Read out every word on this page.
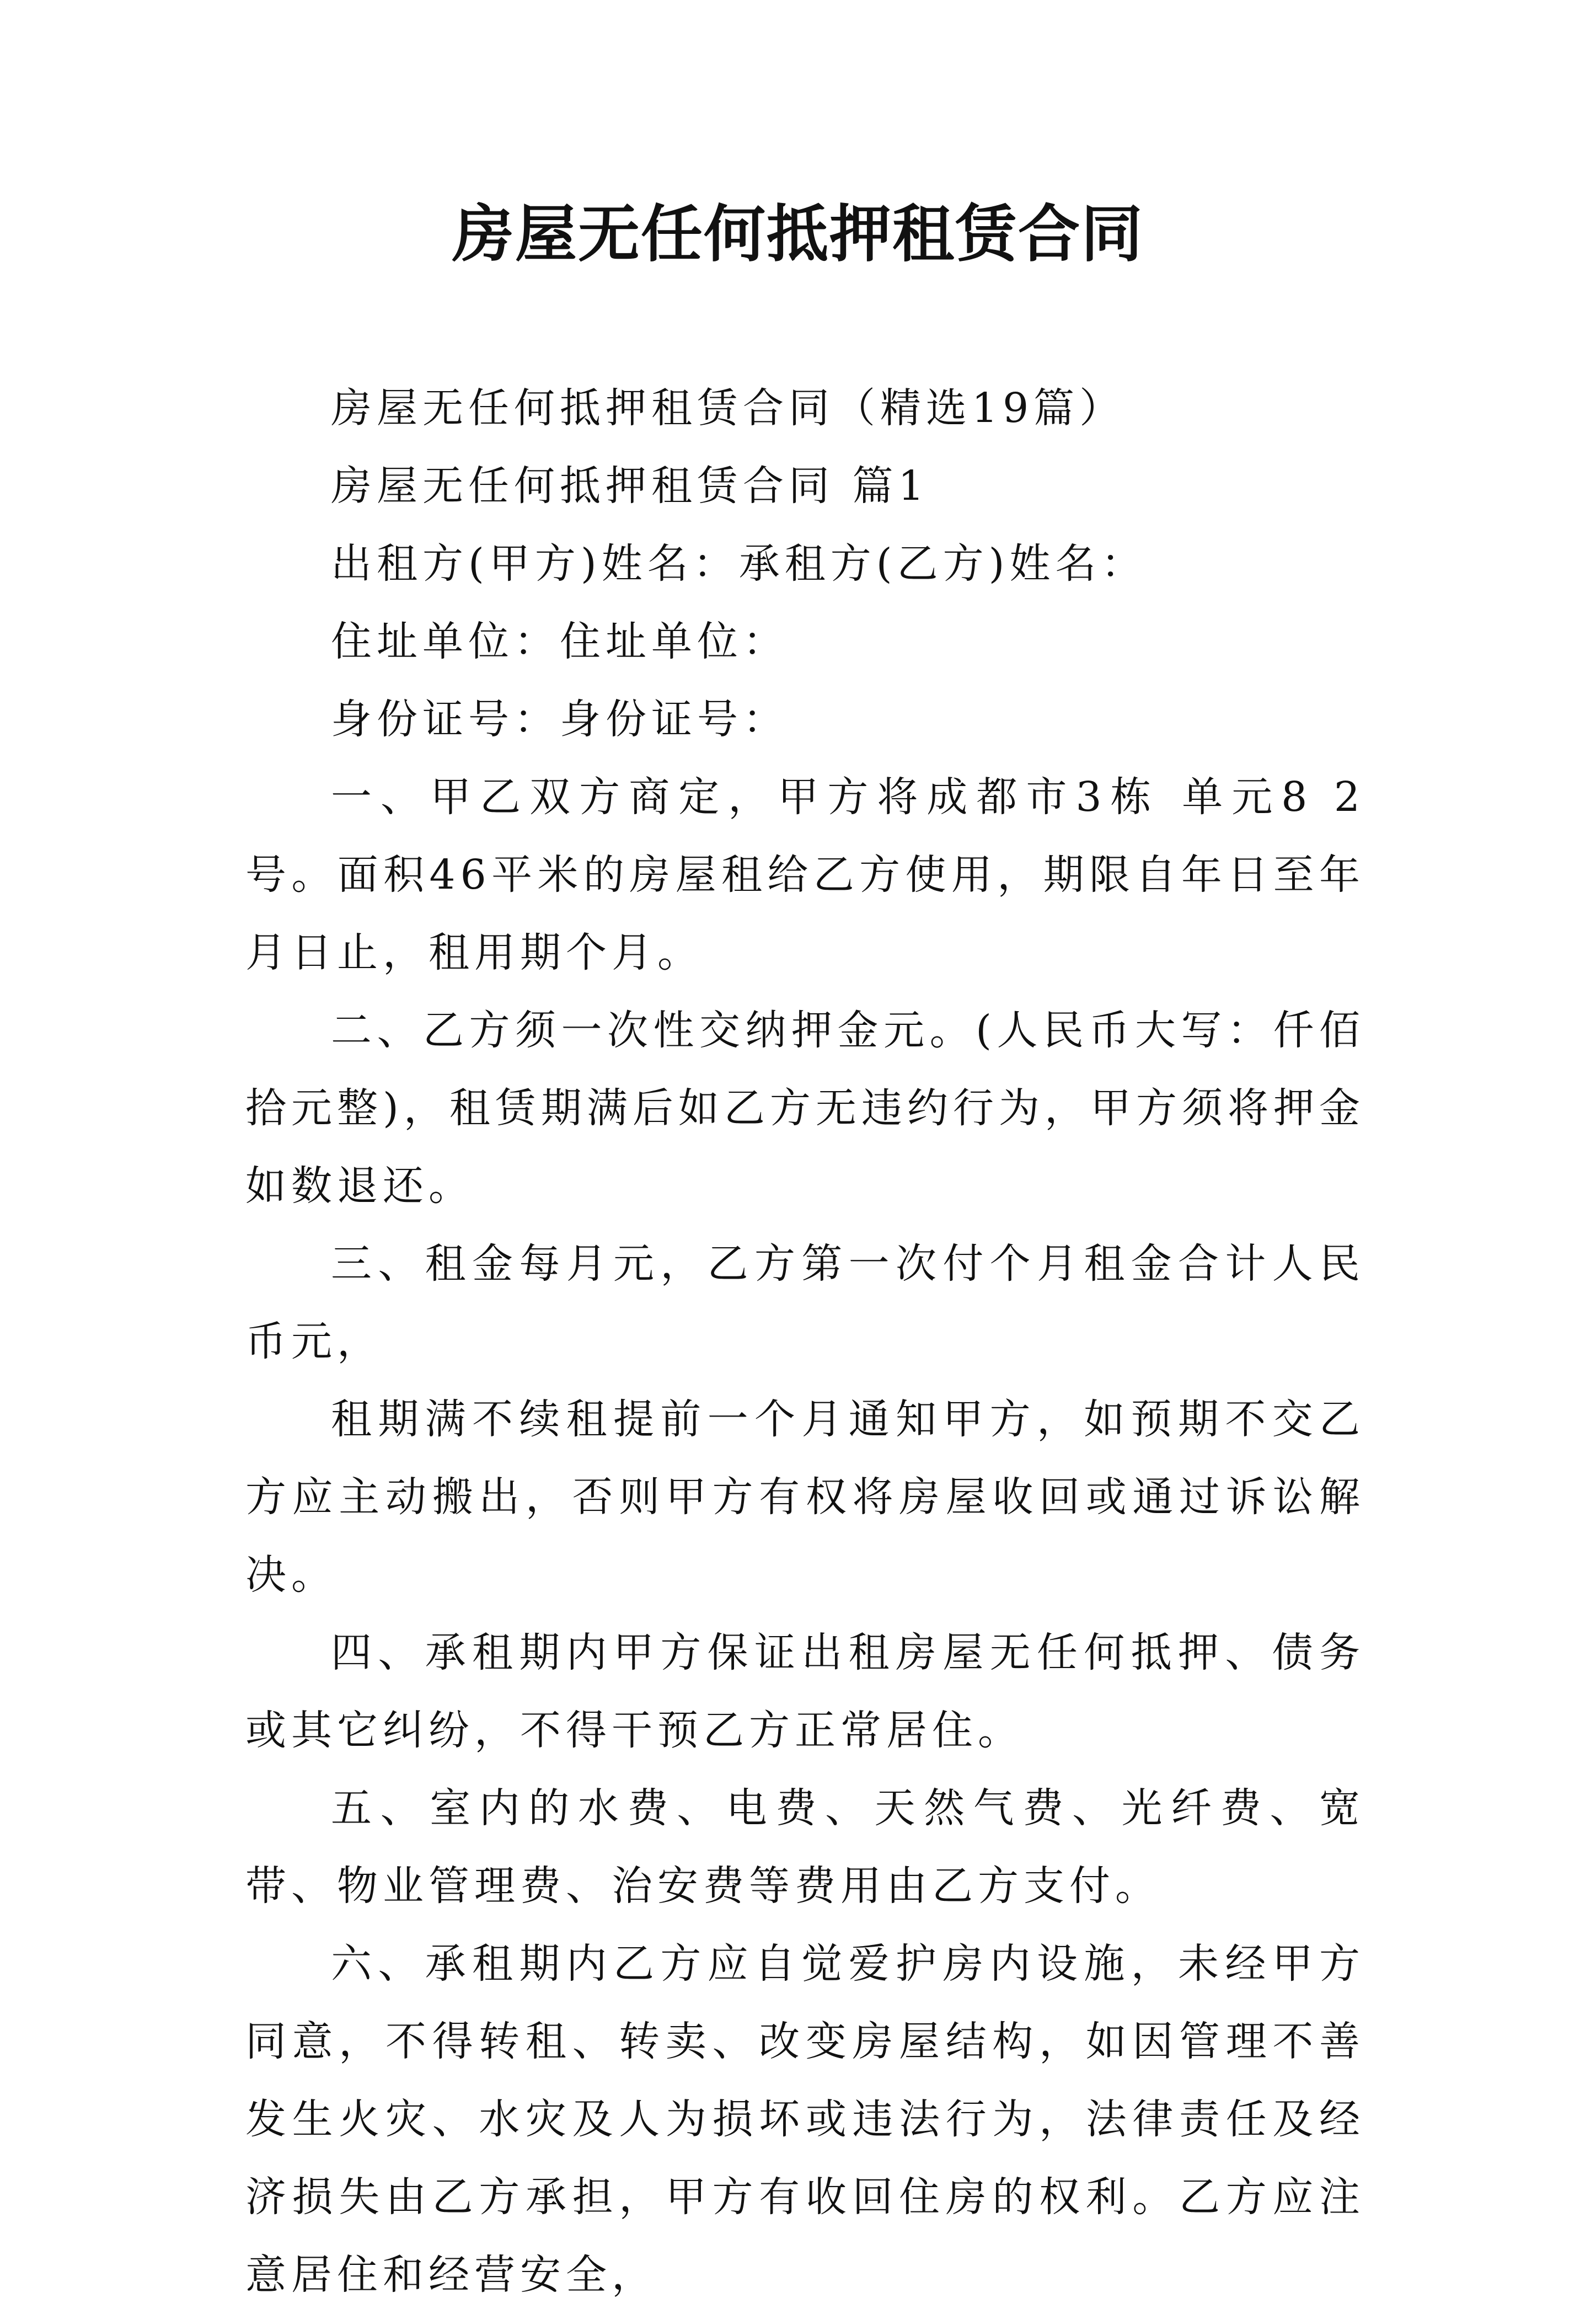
房屋无任何抵押租赁合同

房屋无任何抵押租赁合同（精选19篇）

房屋无任何抵押租赁合同 篇1

出租方(甲方)姓名：承租方(乙方)姓名：

住址单位：住址单位：

身份证号：身份证号：

一、甲乙双方商定，甲方将成都市3栋 单元8 2号。面积46平米的房屋租给乙方使用，期限自年日至年月日止，租用期个月。

二、乙方须一次性交纳押金元。(人民币大写：仟佰拾元整)，租赁期满后如乙方无违约行为，甲方须将押金如数退还。

三、租金每月元，乙方第一次付个月租金合计人民币元，

租期满不续租提前一个月通知甲方，如预期不交乙方应主动搬出，否则甲方有权将房屋收回或通过诉讼解决。

四、承租期内甲方保证出租房屋无任何抵押、债务或其它纠纷，不得干预乙方正常居住。

五、室内的水费、电费、天然气费、光纤费、宽带、物业管理费、治安费等费用由乙方支付。

六、承租期内乙方应自觉爱护房内设施，未经甲方同意，不得转租、转卖、改变房屋结构，如因管理不善发生火灾、水灾及人为损坏或违法行为，法律责任及经济损失由乙方承担，甲方有收回住房的权利。乙方应注意居住和经营安全，
